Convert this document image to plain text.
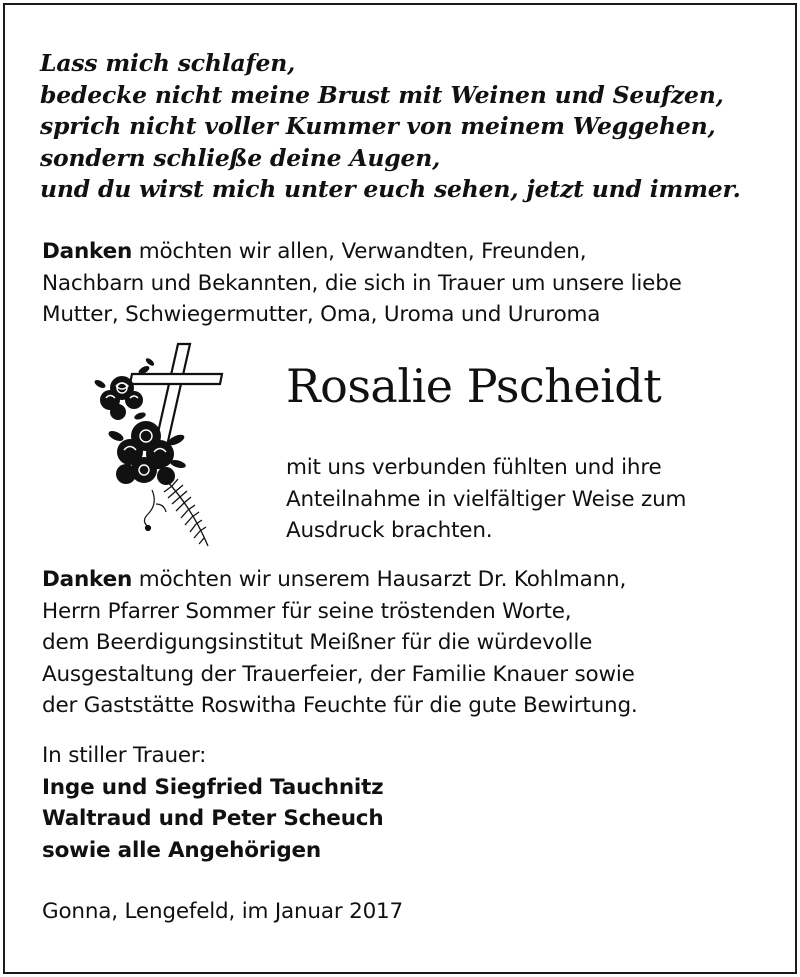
Lass mich schlafen,
bedecke nicht meine Brust mit Weinen und Seufzen,
sprich nicht voller Kummer von meinem Weggehen,
sondern schließe deine Augen,
und du wirst mich unter euch sehen, jetzt und immer.
Danken möchten wir allen, Verwandten, Freunden,
Nachbarn und Bekannten, die sich in Trauer um unsere liebe
Mutter, Schwiegermutter, Oma, Uroma und Ururoma
Rosalie Pscheidt
mit uns verbunden fühlten und ihre
Anteilnahme in vielfältiger Weise zum
Ausdruck brachten.
Danken möchten wir unserem Hausarzt Dr. Kohlmann,
Herrn Pfarrer Sommer für seine tröstenden Worte,
dem Beerdigungsinstitut Meißner für die würdevolle
Ausgestaltung der Trauerfeier, der Familie Knauer sowie
der Gaststätte Roswitha Feuchte für die gute Bewirtung.
In stiller Trauer:
Inge und Siegfried Tauchnitz
Waltraud und Peter Scheuch
sowie alle Angehörigen
Gonna, Lengefeld, im Januar 2017
